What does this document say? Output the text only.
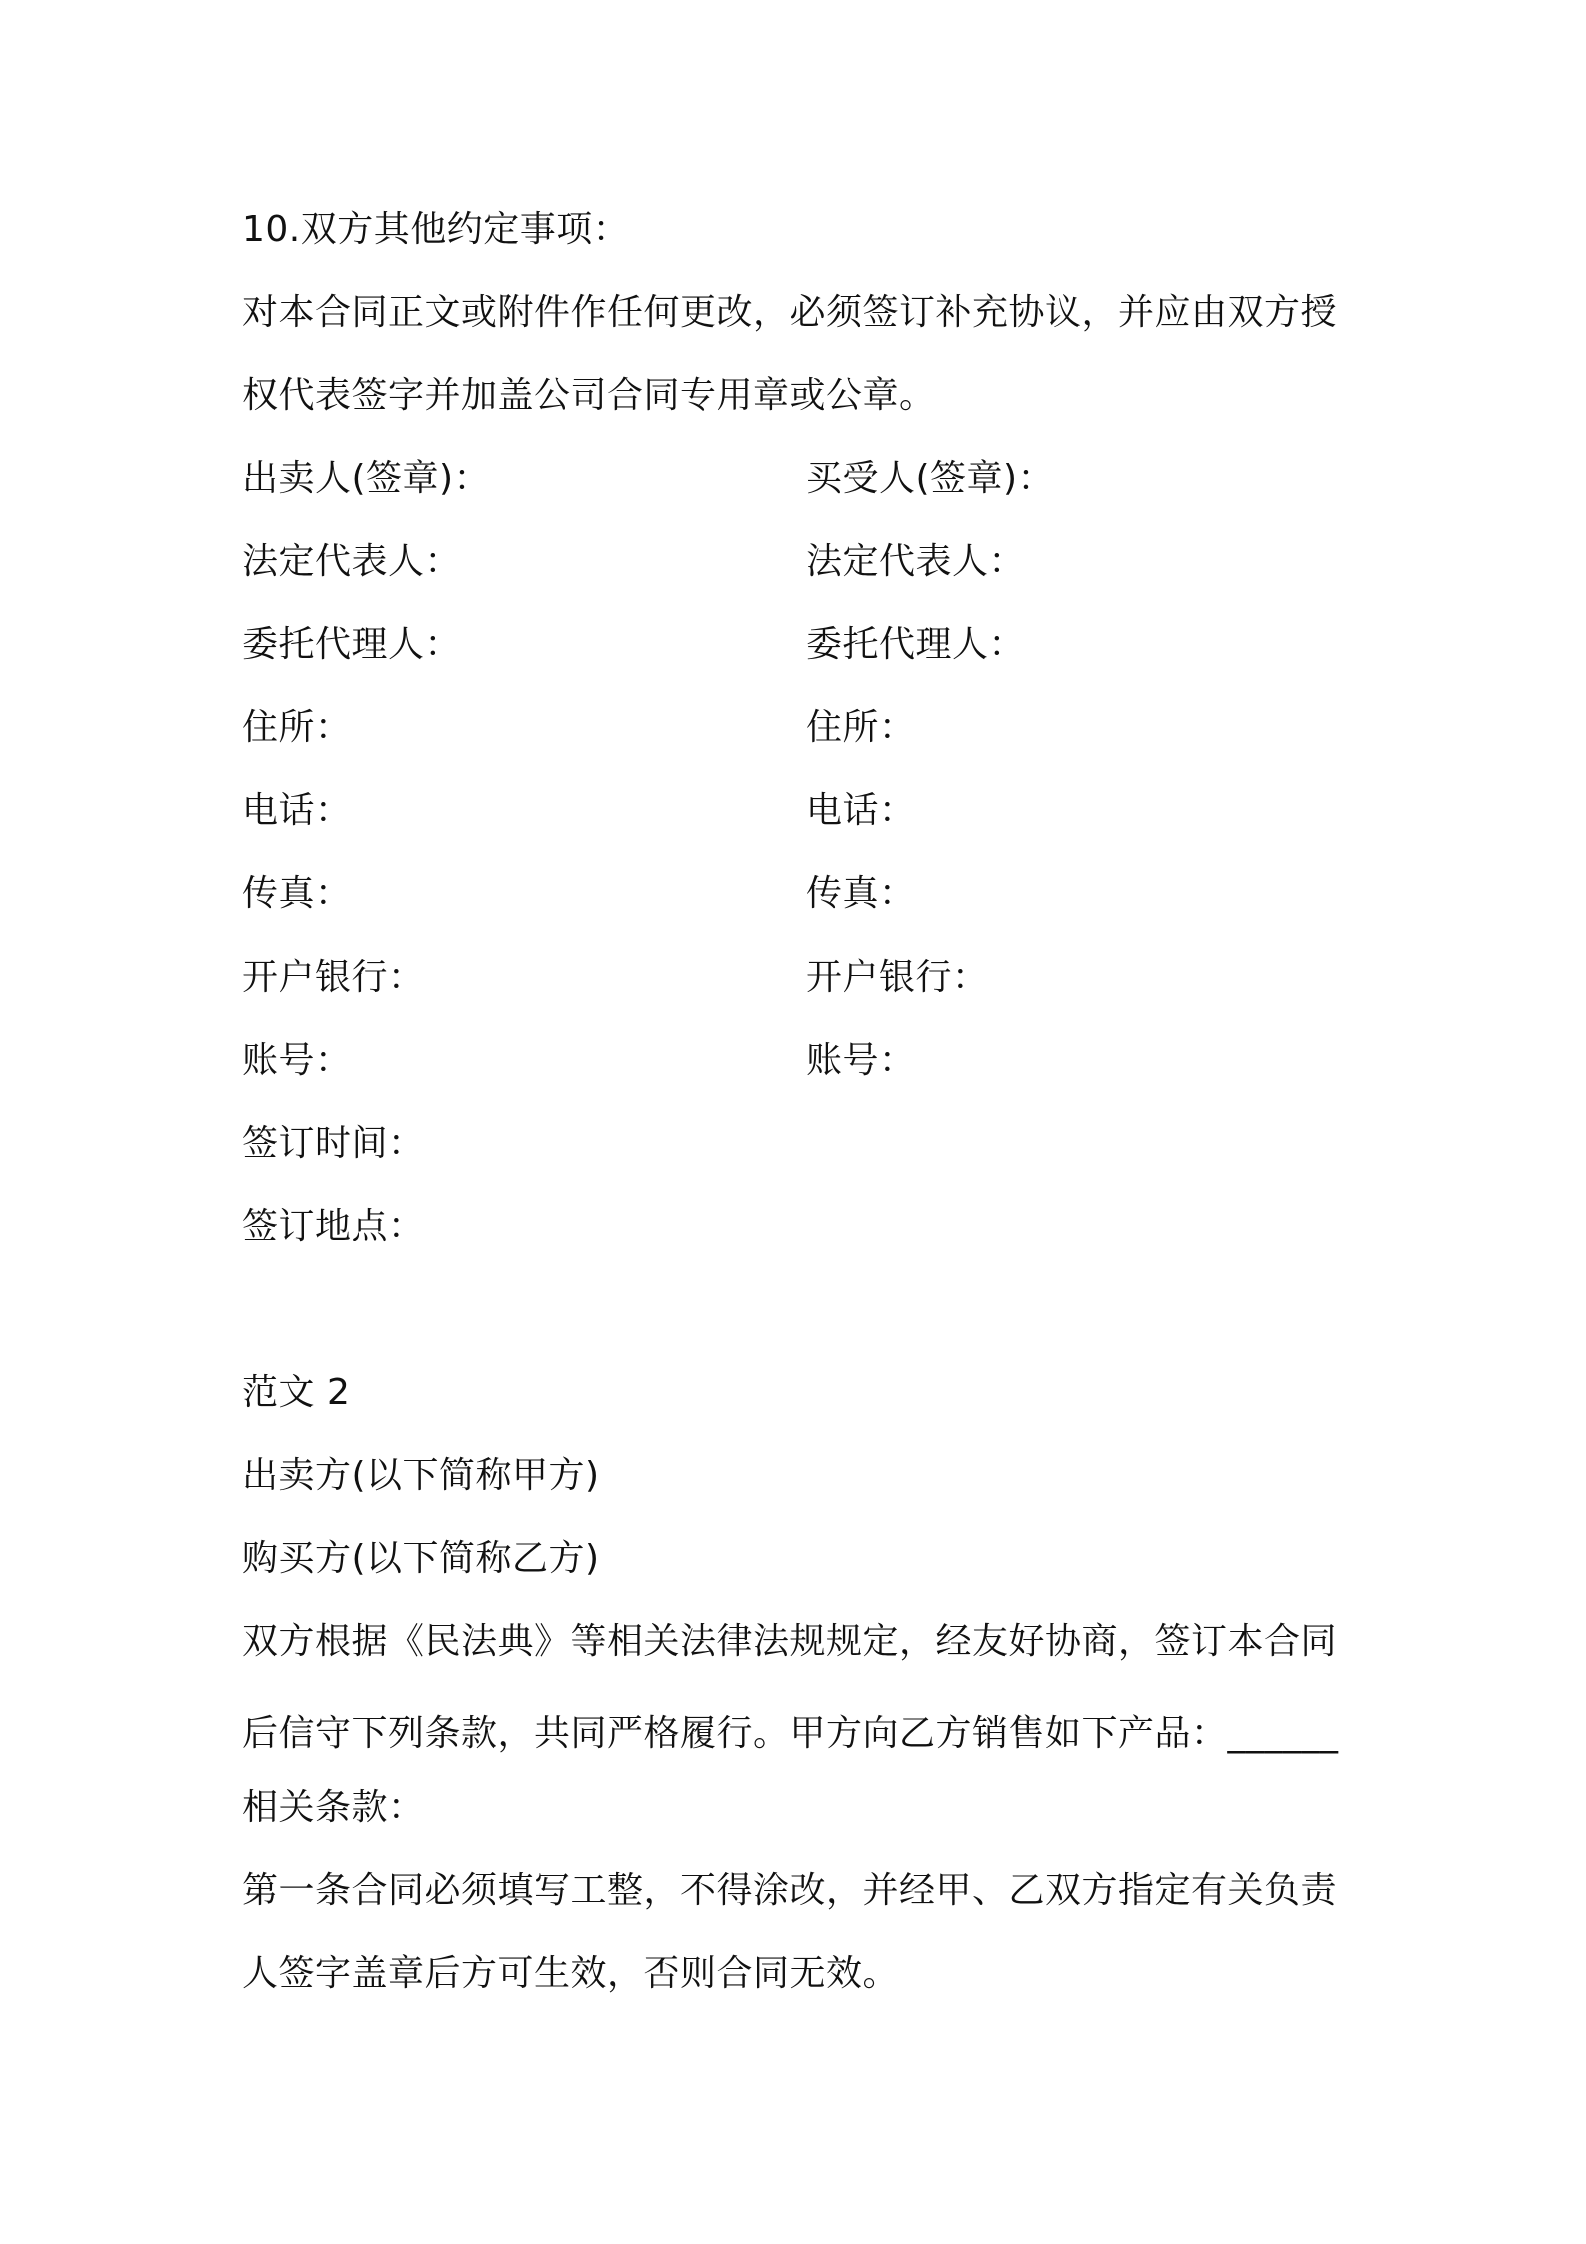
10.双方其他约定事项：
对本合同正文或附件作任何更改，必须签订补充协议，并应由双方授
权代表签字并加盖公司合同专用章或公章。
出卖人(签章)：	买受人(签章)：
法定代表人：	法定代表人：
委托代理人：	委托代理人：
住所：	住所：
电话：	电话：
传真：	传真：
开户银行：	开户银行：
账号：	账号：
签订时间：
签订地点：
范文 2
出卖方(以下简称甲方)
购买方(以下简称乙方)
双方根据《民法典》等相关法律法规规定，经友好协商，签订本合同
后信守下列条款，共同严格履行。甲方向乙方销售如下产品：______
相关条款：
第一条合同必须填写工整，不得涂改，并经甲、乙双方指定有关负责
人签字盖章后方可生效，否则合同无效。
